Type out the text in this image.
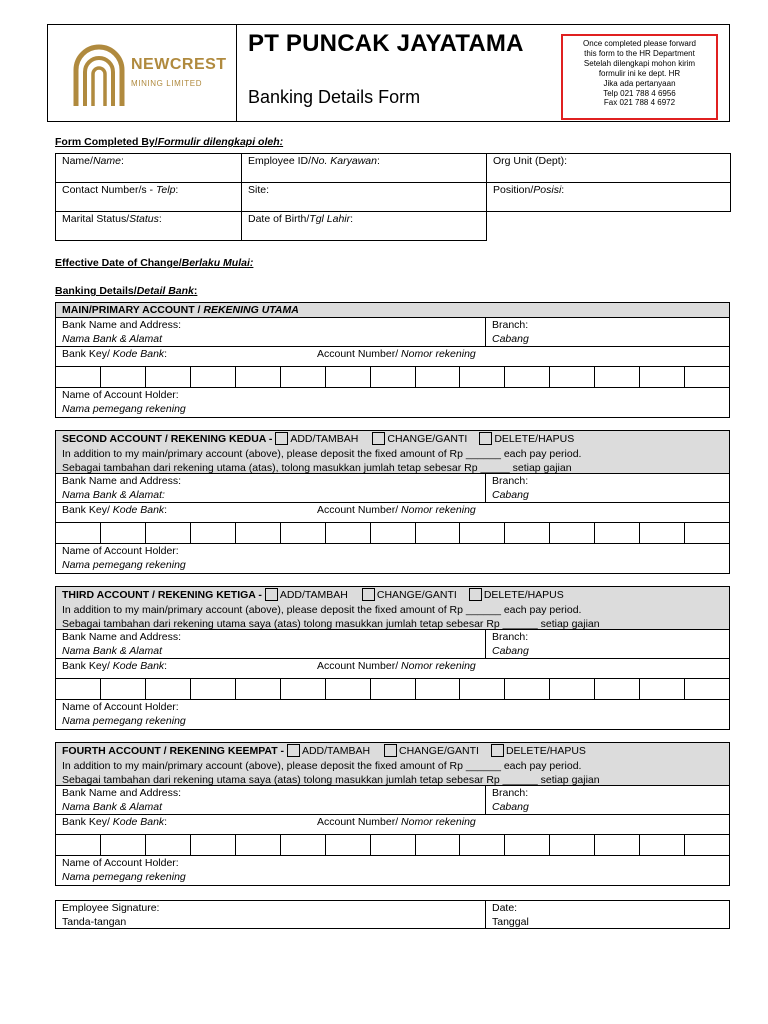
NEWCREST
MINING LIMITED
PT PUNCAK JAYATAMA
Banking Details Form
Once completed please forward
this form to the HR Department
Setelah dilengkapi mohon kirim
formulir ini ke dept. HR
Jika ada pertanyaan
Telp 021 788 4 6956
Fax 021 788 4 6972
Form Completed By/Formulir dilengkapi oleh:
Name/Name:	Employee ID/No. Karyawan:	Org Unit (Dept):
Contact Number/s - Telp:	Site:	Position/Posisi:
Marital Status/Status:	Date of Birth/Tgl Lahir:	
Effective Date of Change/Berlaku Mulai:
Banking Details/Detail Bank:
MAIN/PRIMARY ACCOUNT / REKENING UTAMA
Bank Name and Address:
Nama Bank & Alamat
Branch:
Cabang
Bank Key/ Kode Bank:	Account Number/ Nomor rekening
Name of Account Holder:
Nama pemegang rekening
SECOND ACCOUNT / REKENING KEDUA - ADD/TAMBAH	CHANGE/GANTI	DELETE/HAPUS
In addition to my main/primary account (above), please deposit the fixed amount of Rp ______ each pay period.
Sebagai tambahan dari rekening utama (atas), tolong masukkan jumlah tetap sebesar Rp _____ setiap gajian
Bank Name and Address:
Nama Bank & Alamat:
Branch:
Cabang
Bank Key/ Kode Bank:	Account Number/ Nomor rekening
Name of Account Holder:
Nama pemegang rekening
THIRD ACCOUNT / REKENING KETIGA - ADD/TAMBAH	CHANGE/GANTI	DELETE/HAPUS
In addition to my main/primary account (above), please deposit the fixed amount of Rp ______ each pay period.
Sebagai tambahan dari rekening utama saya (atas) tolong masukkan jumlah tetap sebesar Rp ______ setiap gajian
Bank Name and Address:
Nama Bank & Alamat
Branch:
Cabang
Bank Key/ Kode Bank:	Account Number/ Nomor rekening
Name of Account Holder:
Nama pemegang rekening
FOURTH ACCOUNT / REKENING KEEMPAT - ADD/TAMBAH	CHANGE/GANTI	DELETE/HAPUS
In addition to my main/primary account (above), please deposit the fixed amount of Rp ______ each pay period.
Sebagai tambahan dari rekening utama saya (atas) tolong masukkan jumlah tetap sebesar Rp ______ setiap gajian
Bank Name and Address:
Nama Bank & Alamat
Branch:
Cabang
Bank Key/ Kode Bank:	Account Number/ Nomor rekening
Name of Account Holder:
Nama pemegang rekening
Employee Signature:
Tanda-tangan
Date:
Tanggal
